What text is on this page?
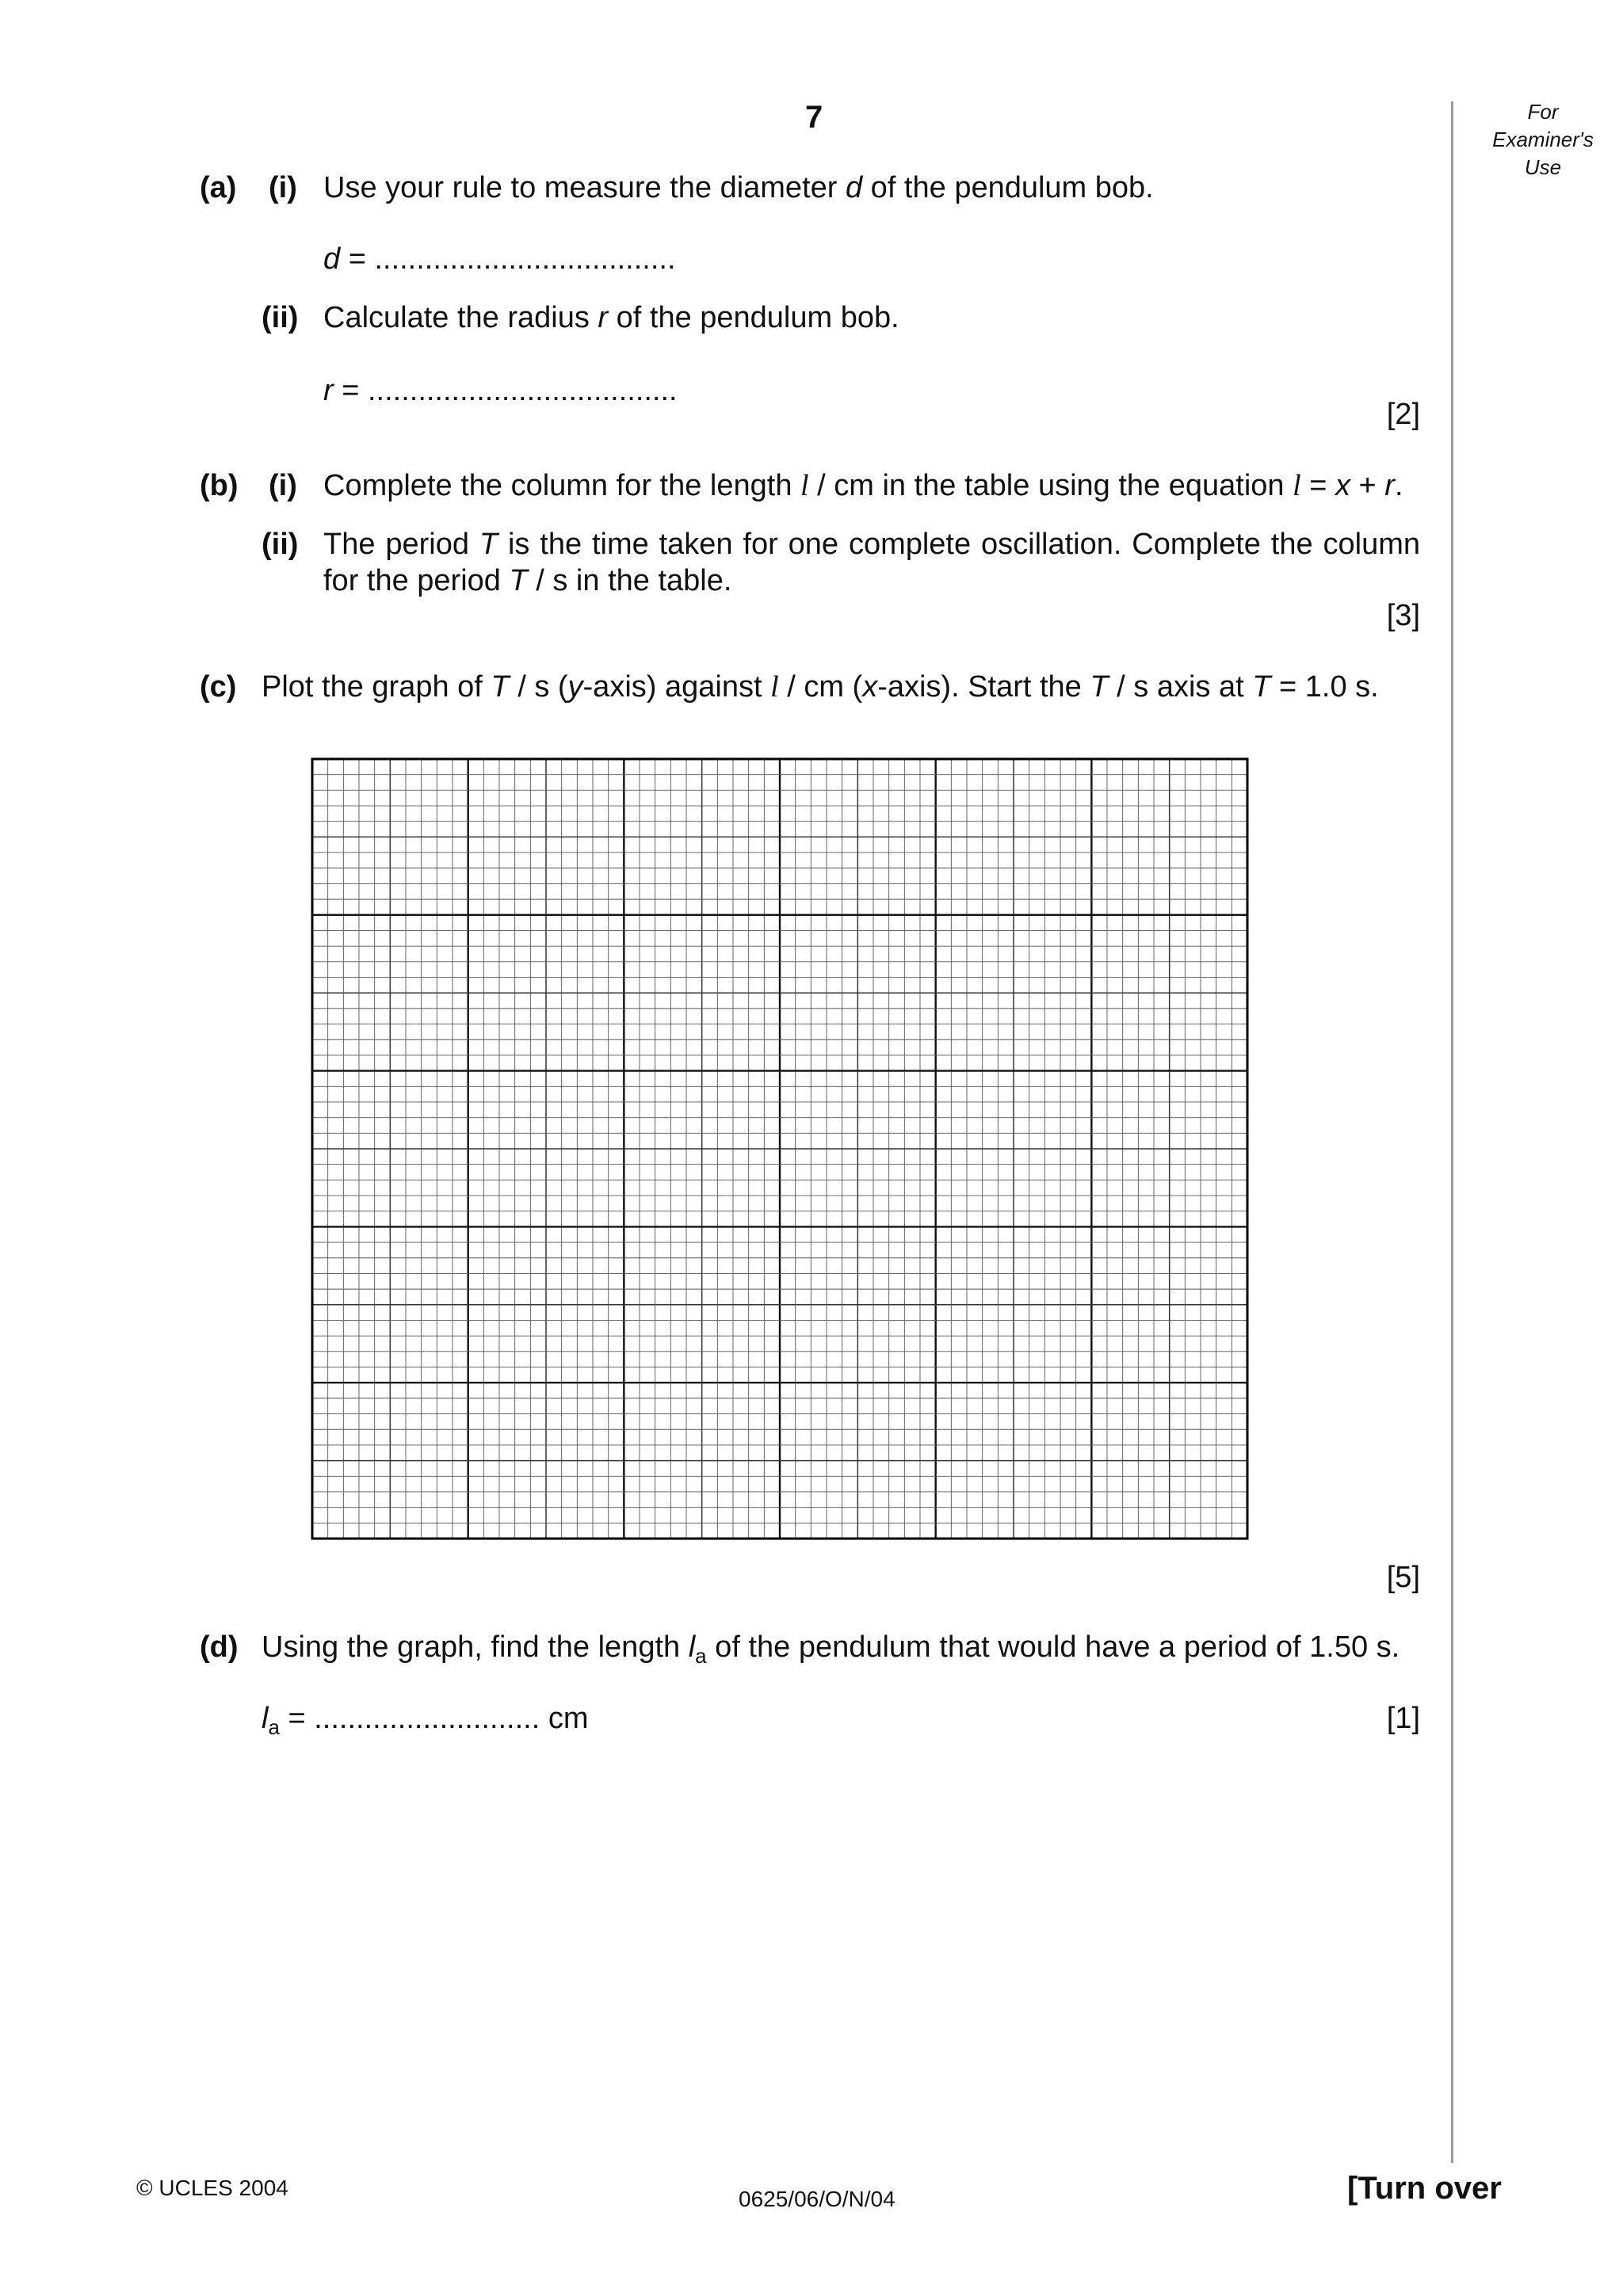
7	For
Examiner's
Use
(a) (i) Use your rule to measure the diameter d of the pendulum bob.
d = ....................................
(ii) Calculate the radius r of the pendulum bob.
r = .....................................
[2]
(b) (i) Complete the column for the length l / cm in the table using the equation l = x + r.
(ii) The period T is the time taken for one complete oscillation. Complete the column for the period T / s in the table.
[3]
(c) Plot the graph of T / s (y-axis) against l / cm (x-axis). Start the T / s axis at T = 1.0 s.
[5]
(d) Using the graph, find the length $l_a$ of the pendulum that would have a period of 1.50 s.
$l_a$ = ........................... cm	[1]
© UCLES 2004	0625/06/O/N/04	[Turn over
